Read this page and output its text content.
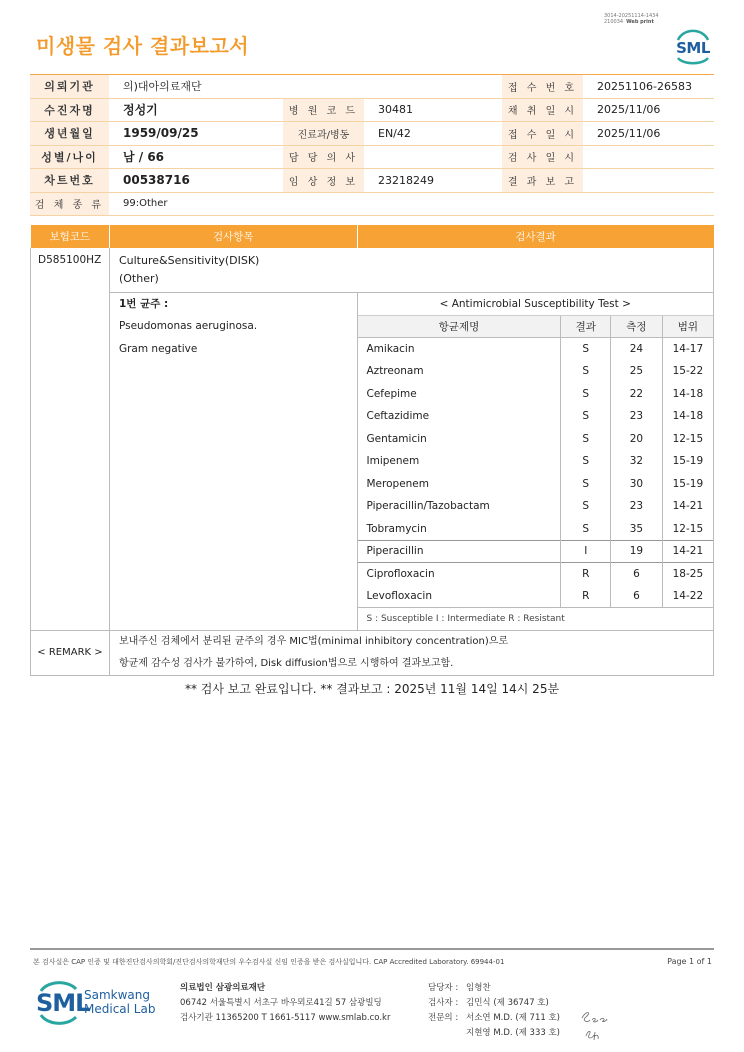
3014-20251114-1434
210034 Web print
미생물 검사 결과보고서	SML
의뢰기관	의)대아의료재단			접 수 번 호	20251106-26583
수진자명	정성기	병 원 코 드	30481	채 취 일 시	2025/11/06
생년월일	1959/09/25	진료과/병동	EN/42	접 수 일 시	2025/11/06
성별/나이	남 / 66	담 당 의 사		검 사 일 시	
차트번호	00538716	임 상 정 보	23218249	결 과 보 고	
검 체 종 류	99:Other				
보험코드	검사항목	검사결과
D585100HZ	Culture&Sensitivity(DISK)
(Other)

1번 균주 :
Pseudomonas aeruginosa.
Gram negative

< Antimicrobial Susceptibility Test >
항균제명	결과	측정	범위
Amikacin	S	24	14-17
Aztreonam	S	25	15-22
Cefepime	S	22	14-18
Ceftazidime	S	23	14-18
Gentamicin	S	20	12-15
Imipenem	S	32	15-19
Meropenem	S	30	15-19
Piperacillin/Tazobactam	S	23	14-21
Tobramycin	S	35	12-15
Piperacillin	I	19	14-21
Ciprofloxacin	R	6	18-25
Levofloxacin	R	6	14-22
S : Susceptible I : Intermediate R : Resistant

< REMARK >	
보내주신 검체에서 분리된 균주의 경우 MIC법(minimal inhibitory concentration)으로
항균제 감수성 검사가 불가하여, Disk diffusion법으로 시행하여 결과보고함.
** 검사 보고 완료입니다. ** 결과보고 : 2025년 11월 14일 14시 25분
본 검사실은 CAP 인증 및 대한진단검사의학회/진단검사의학재단의 우수검사실 신임 인증을 받은 검사실입니다. CAP Accredited Laboratory. 69944-01	Page 1 of 1
SML
Samkwang
Medical Lab
의료법인 삼광의료재단
06742 서울특별시 서초구 바우뫼로41길 57 삼광빌딩
검사기관 11365200 T 1661-5117 www.smlab.co.kr
담당자 : 임형찬
검사자 : 김민식 (제 36747 호)
전문의 : 서소연 M.D. (제 711 호)
지현영 M.D. (제 333 호)
